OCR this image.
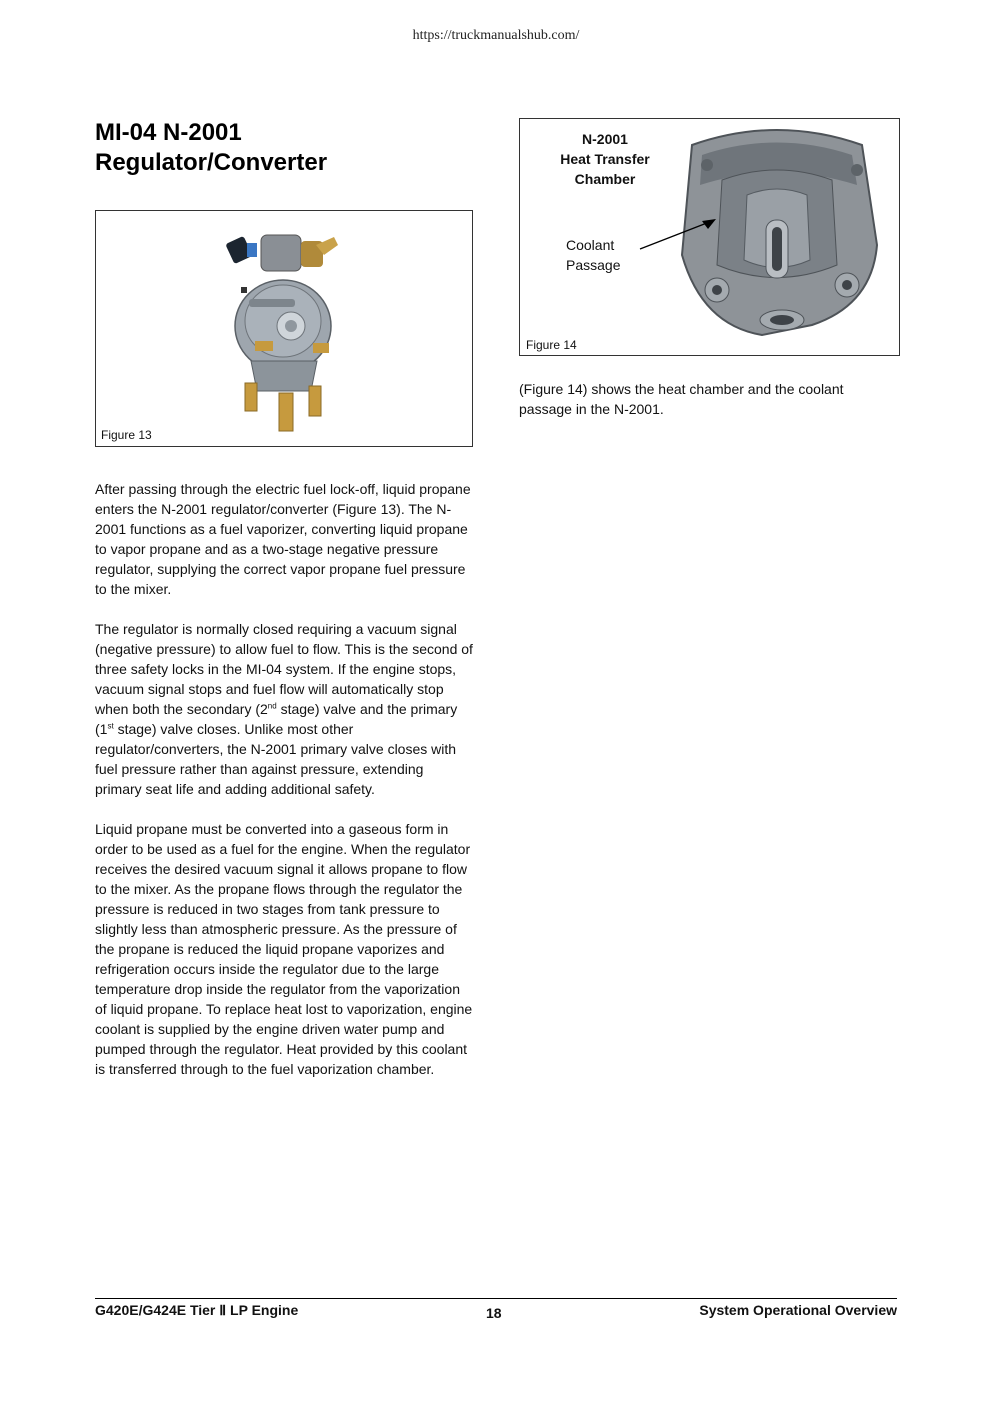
https://truckmanualshub.com/
MI-04 N-2001
Regulator/Converter
Figure 13
N-2001
Heat Transfer
Chamber
Coolant
Passage
Figure 14

(Figure 14) shows the heat chamber and the coolant passage in the N-2001.

After passing through the electric fuel lock-off, liquid propane enters the N-2001 regulator/converter (Figure 13). The N-2001 functions as a fuel vaporizer, converting liquid propane to vapor propane and as a two-stage negative pressure regulator, supplying the correct vapor propane fuel pressure to the mixer.

The regulator is normally closed requiring a vacuum signal (negative pressure) to allow fuel to flow. This is the second of three safety locks in the MI-04 system. If the engine stops, vacuum signal stops and fuel flow will automatically stop when both the secondary (2nd stage) valve and the primary (1st stage) valve closes. Unlike most other regulator/converters, the N-2001 primary valve closes with fuel pressure rather than against pressure, extending primary seat life and adding additional safety.

Liquid propane must be converted into a gaseous form in order to be used as a fuel for the engine. When the regulator receives the desired vacuum signal it allows propane to flow to the mixer. As the propane flows through the regulator the pressure is reduced in two stages from tank pressure to slightly less than atmospheric pressure. As the pressure of the propane is reduced the liquid propane vaporizes and refrigeration occurs inside the regulator due to the large temperature drop inside the regulator from the vaporization of liquid propane. To replace heat lost to vaporization, engine coolant is supplied by the engine driven water pump and pumped through the regulator. Heat provided by this coolant is transferred through to the fuel vaporization chamber.

G420E/G424E Tier Ⅱ LP Engine	18	System Operational Overview
